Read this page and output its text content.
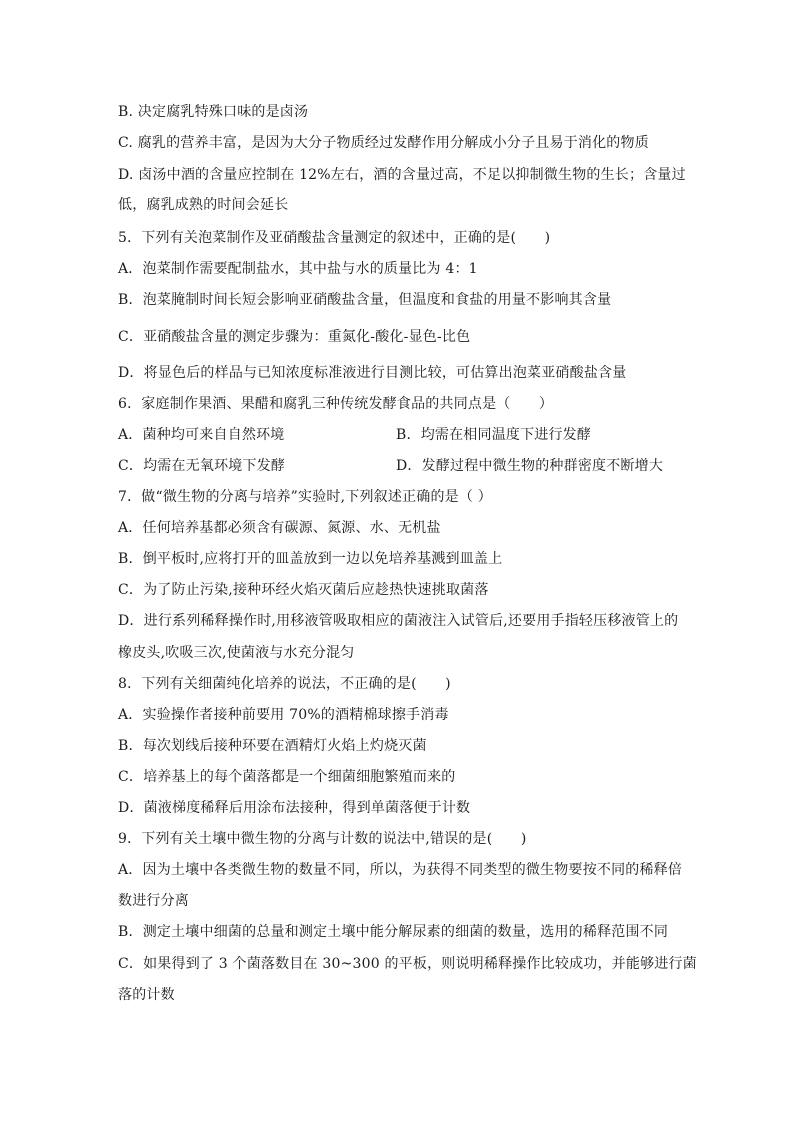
B. 决定腐乳特殊口味的是卤汤
C. 腐乳的营养丰富，是因为大分子物质经过发酵作用分解成小分子且易于消化的物质
D. 卤汤中酒的含量应控制在 12%左右，酒的含量过高，不足以抑制微生物的生长；含量过
低，腐乳成熟的时间会延长
5．下列有关泡菜制作及亚硝酸盐含量测定的叙述中，正确的是(　　)
A．泡菜制作需要配制盐水，其中盐与水的质量比为 4：1
B．泡菜腌制时间长短会影响亚硝酸盐含量，但温度和食盐的用量不影响其含量
C．亚硝酸盐含量的测定步骤为：重氮化-酸化-显色-比色
D．将显色后的样品与已知浓度标准液进行目测比较，可估算出泡菜亚硝酸盐含量
6．家庭制作果酒、果醋和腐乳三种传统发酵食品的共同点是（　　）
A．菌种均可来自自然环境	B．均需在相同温度下进行发酵
C．均需在无氧环境下发酵	D．发酵过程中微生物的种群密度不断增大
7．做“微生物的分离与培养”实验时,下列叙述正确的是（ ）
A．任何培养基都必须含有碳源、氮源、水、无机盐
B．倒平板时,应将打开的皿盖放到一边以免培养基溅到皿盖上
C．为了防止污染,接种环经火焰灭菌后应趁热快速挑取菌落
D．进行系列稀释操作时,用移液管吸取相应的菌液注入试管后,还要用手指轻压移液管上的
橡皮头,吹吸三次,使菌液与水充分混匀
8．下列有关细菌纯化培养的说法，不正确的是(　　)
A．实验操作者接种前要用 70%的酒精棉球擦手消毒
B．每次划线后接种环要在酒精灯火焰上灼烧灭菌
C．培养基上的每个菌落都是一个细菌细胞繁殖而来的
D．菌液梯度稀释后用涂布法接种，得到单菌落便于计数
9．下列有关土壤中微生物的分离与计数的说法中,错误的是(　　)
A．因为土壤中各类微生物的数量不同，所以，为获得不同类型的微生物要按不同的稀释倍
数进行分离
B．测定土壤中细菌的总量和测定土壤中能分解尿素的细菌的数量，选用的稀释范围不同
C．如果得到了 3 个菌落数目在 30~300 的平板，则说明稀释操作比较成功，并能够进行菌
落的计数
